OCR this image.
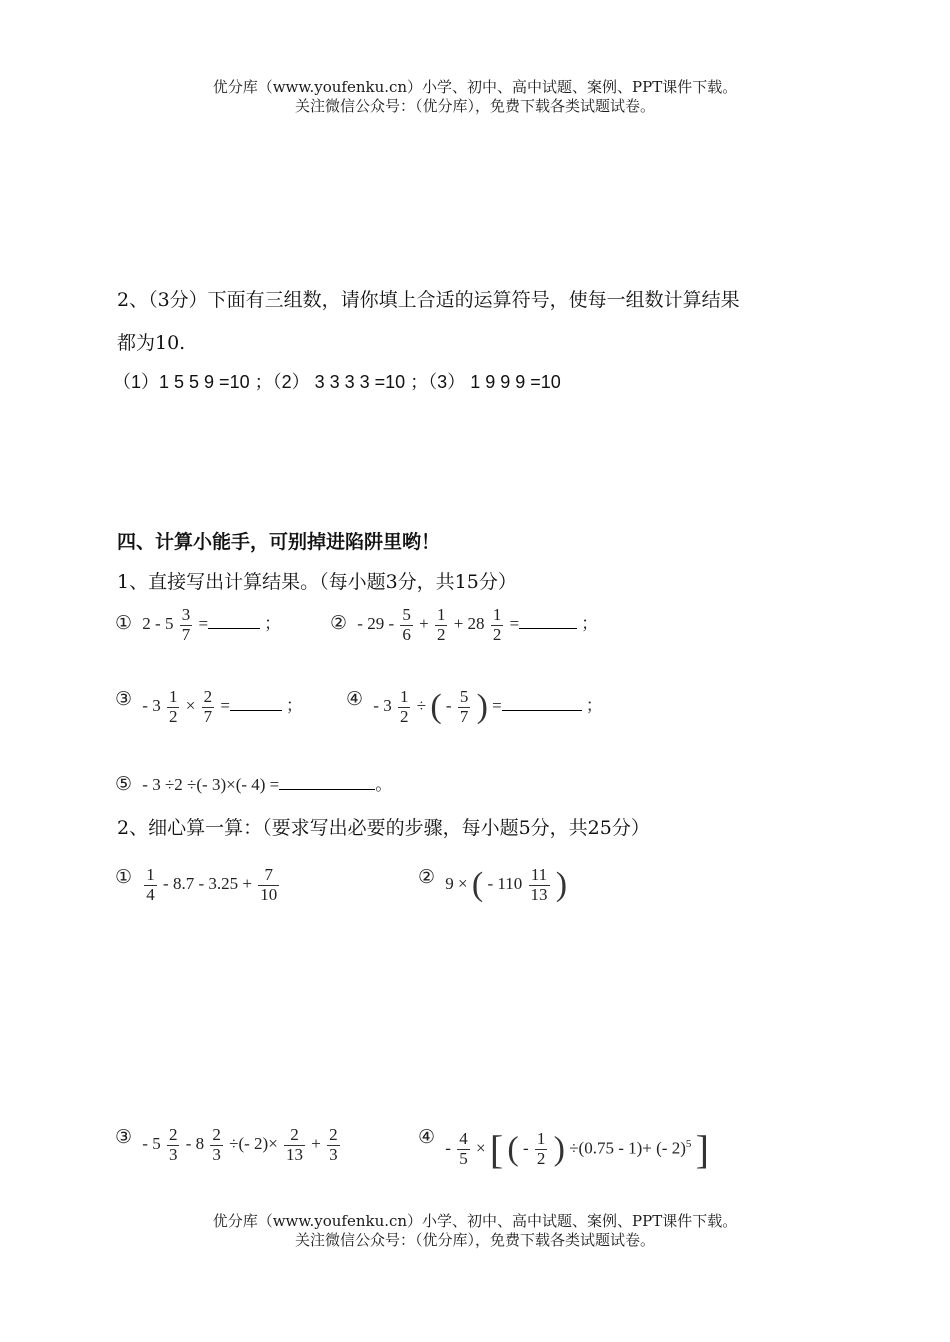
优分库（www.youfenku.cn）小学、初中、高中试题、案例、PPT课件下载。
关注微信公众号：（优分库），免费下载各类试题试卷。
2、（3分）下面有三组数，请你填上合适的运算符号，使每一组数计算结果
都为10.
（1）1 5 5 9 =10 ；（2） 3 3 3 3 =10 ；（3） 1 9 9 9 =10
四、计算小能手，可别掉进陷阱里哟！
1、直接写出计算结果。（每小题3分，共15分）
① $2 - 5 \frac{3}{7}$ =	；	② - $29 - \frac{5}{6} + \frac{1}{2} + 28 \frac{1}{2}$ =	；
③ - $3 \frac{1}{2} \times \frac{2}{7}$ =	； ④ - $3 \frac{1}{2}$ ÷ ( - $\frac{5}{7}$ ) =	；
⑤ - 3 ÷2 ÷(- 3)×(- 4) =	。
2、细心算一算：（要求写出必要的步骤，每小题5分，共25分）
① $\frac{1}{4} - 8.7 - 3.25 + \frac{7}{10}$	② 9 × ( - $110 \frac{11}{13}$ )
③ - $5 \frac{2}{3} - 8 \frac{2}{3}$ ÷(- $2)\times \frac{2}{13} + \frac{2}{3}$	④ - $\frac{4}{5}$ × [ ( - $\frac{1}{2}$ ) ÷(0.75 - 1)+ (- 2)$^5$ ]
优分库（www.youfenku.cn）小学、初中、高中试题、案例、PPT课件下载。
关注微信公众号：（优分库），免费下载各类试题试卷。
